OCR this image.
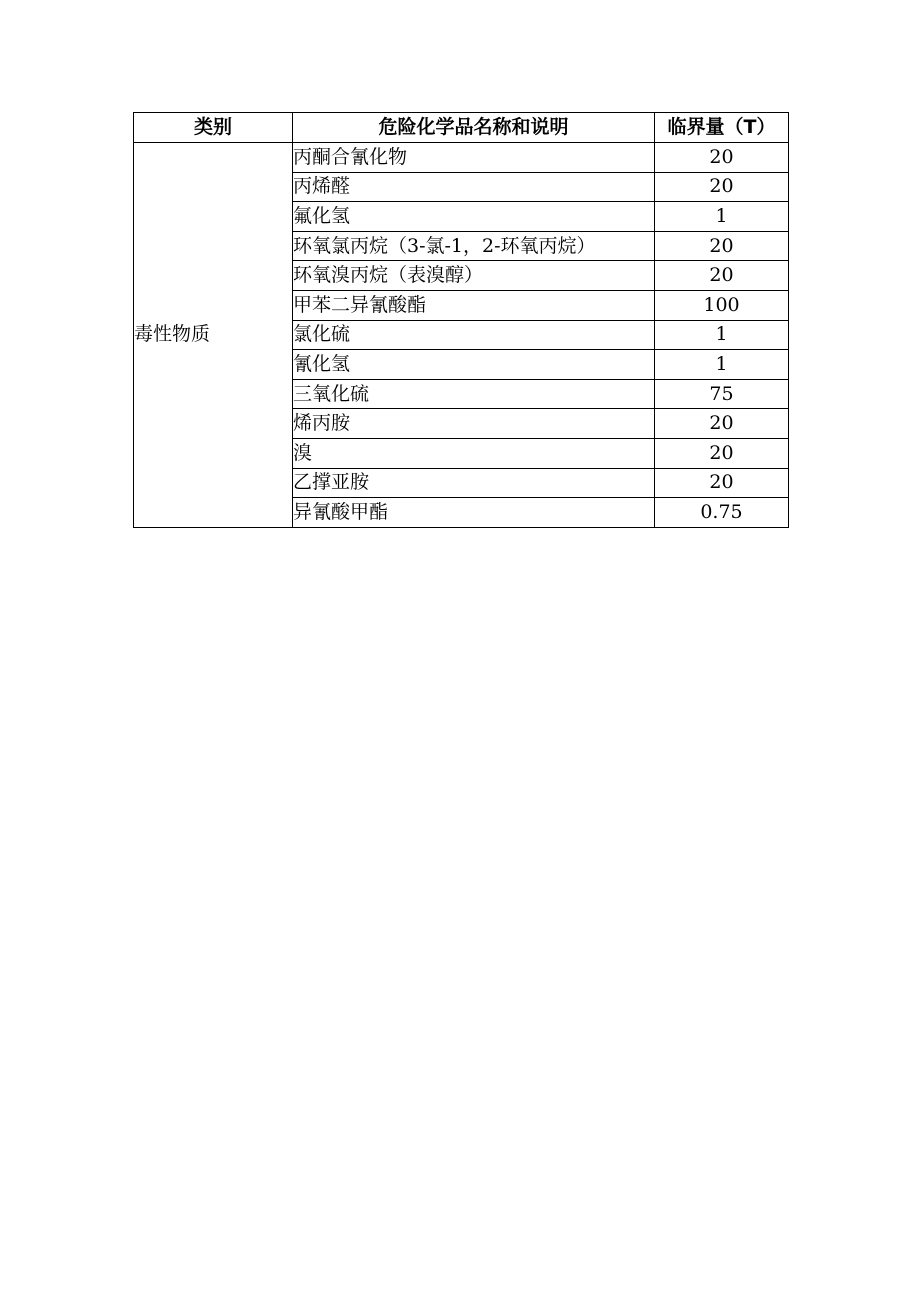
类别	危险化学品名称和说明	临界量（T）
毒性物质	丙酮合氰化物	20
	丙烯醛	20
	氟化氢	1
	环氧氯丙烷（3-氯-1，2-环氧丙烷）	20
	环氧溴丙烷（表溴醇）	20
	甲苯二异氰酸酯	100
	氯化硫	1
	氰化氢	1
	三氧化硫	75
	烯丙胺	20
	溴	20
	乙撑亚胺	20
	异氰酸甲酯	0.75
